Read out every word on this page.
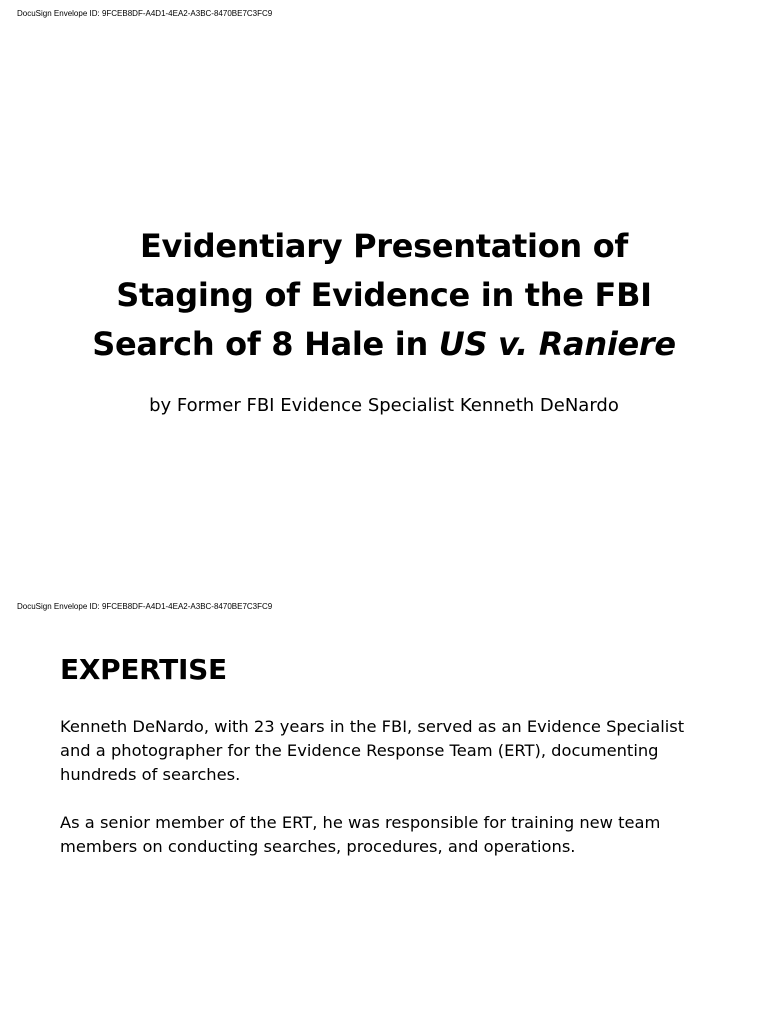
DocuSign Envelope ID: 9FCEB8DF-A4D1-4EA2-A3BC-8470BE7C3FC9
Evidentiary Presentation of
Staging of Evidence in the FBI
Search of 8 Hale in US v. Raniere

by Former FBI Evidence Specialist Kenneth DeNardo

DocuSign Envelope ID: 9FCEB8DF-A4D1-4EA2-A3BC-8470BE7C3FC9
EXPERTISE

Kenneth DeNardo, with 23 years in the FBI, served as an Evidence Specialist and a photographer for the Evidence Response Team (ERT), documenting hundreds of searches.

As a senior member of the ERT, he was responsible for training new team members on conducting searches, procedures, and operations.
